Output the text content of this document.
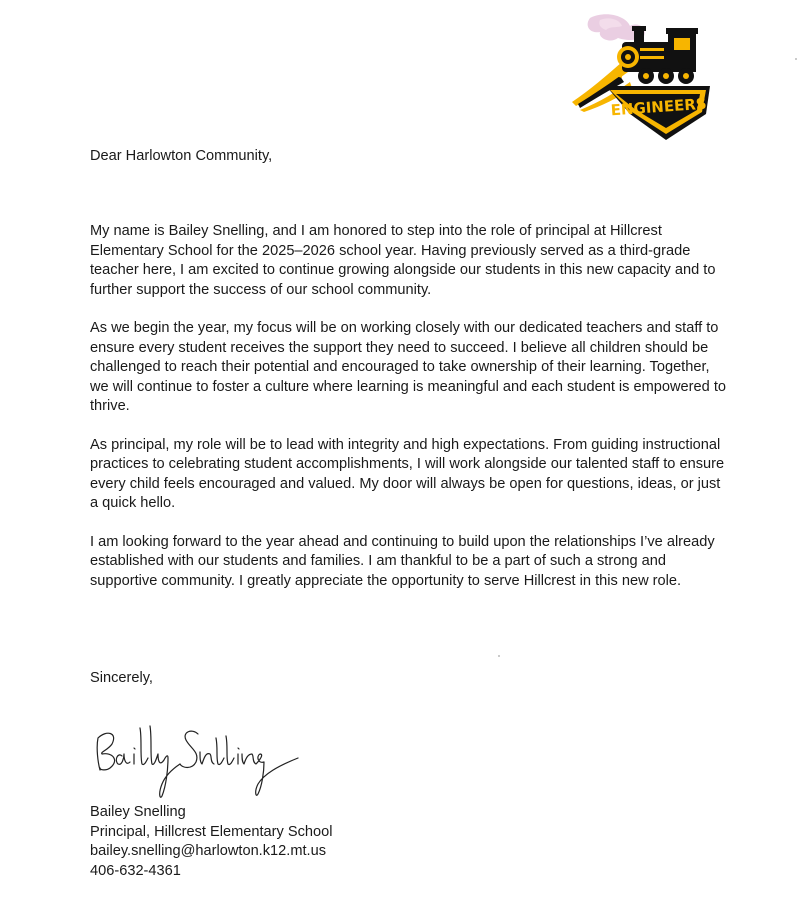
ENGINEERS
Dear Harlowton Community,

My name is Bailey Snelling, and I am honored to step into the role of principal at Hillcrest Elementary School for the 2025–2026 school year. Having previously served as a third-grade teacher here, I am excited to continue growing alongside our students in this new capacity and to further support the success of our school community.

As we begin the year, my focus will be on working closely with our dedicated teachers and staff to ensure every student receives the support they need to succeed. I believe all children should be challenged to reach their potential and encouraged to take ownership of their learning. Together, we will continue to foster a culture where learning is meaningful and each student is empowered to thrive.

As principal, my role will be to lead with integrity and high expectations. From guiding instructional practices to celebrating student accomplishments, I will work alongside our talented staff to ensure every child feels encouraged and valued. My door will always be open for questions, ideas, or just a quick hello.

I am looking forward to the year ahead and continuing to build upon the relationships I’ve already established with our students and families. I am thankful to be a part of such a strong and supportive community. I greatly appreciate the opportunity to serve Hillcrest in this new role.

Sincerely,
Bailey Snelling
Principal, Hillcrest Elementary School
bailey.snelling@harlowton.k12.mt.us
406-632-4361
